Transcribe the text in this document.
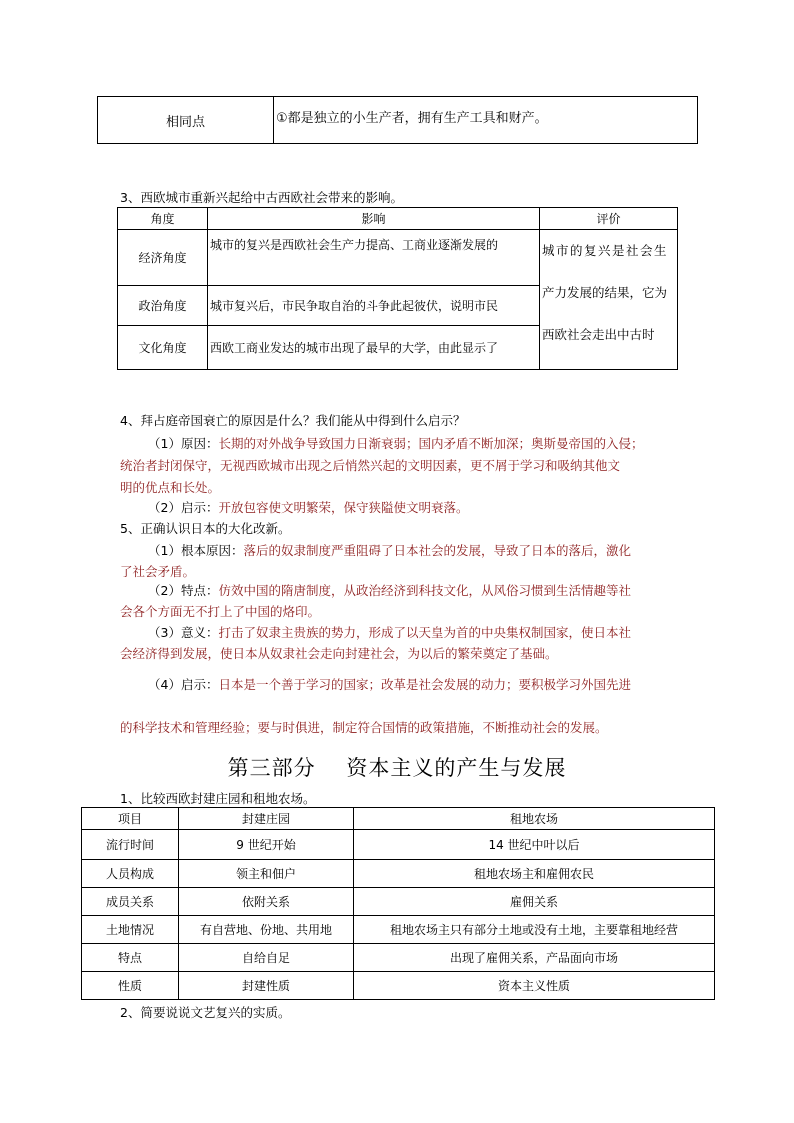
相同点	①都是独立的小生产者，拥有生产工具和财产。
3、西欧城市重新兴起给中古西欧社会带来的影响。
角度	影响	评价
经济角度	城市的复兴是西欧社会生产力提高、工商业逐渐发展的	城市的复兴是社会生
产力发展的结果，它为
西欧社会走出中古时

政治角度	城市复兴后，市民争取自治的斗争此起彼伏，说明市民	
文化角度	西欧工商业发达的城市出现了最早的大学，由此显示了	
4、拜占庭帝国衰亡的原因是什么？我们能从中得到什么启示？
（1）原因：长期的对外战争导致国力日渐衰弱；国内矛盾不断加深；奥斯曼帝国的入侵；
统治者封闭保守，无视西欧城市出现之后悄然兴起的文明因素，更不屑于学习和吸纳其他文
明的优点和长处。
（2）启示：开放包容使文明繁荣，保守狭隘使文明衰落。
5、正确认识日本的大化改新。
（1）根本原因：落后的奴隶制度严重阻碍了日本社会的发展，导致了日本的落后，激化
了社会矛盾。
（2）特点：仿效中国的隋唐制度，从政治经济到科技文化，从风俗习惯到生活情趣等社
会各个方面无不打上了中国的烙印。
（3）意义：打击了奴隶主贵族的势力，形成了以天皇为首的中央集权制国家，使日本社
会经济得到发展，使日本从奴隶社会走向封建社会，为以后的繁荣奠定了基础。
（4）启示：日本是一个善于学习的国家；改革是社会发展的动力；要积极学习外国先进
的科学技术和管理经验；要与时俱进，制定符合国情的政策措施，不断推动社会的发展。
第三部分    资本主义的产生与发展
1、比较西欧封建庄园和租地农场。
项目	封建庄园	租地农场
流行时间	9 世纪开始	14 世纪中叶以后
人员构成	领主和佃户	租地农场主和雇佣农民
成员关系	依附关系	雇佣关系
土地情况	有自营地、份地、共用地	租地农场主只有部分土地或没有土地，主要靠租地经营
特点	自给自足	出现了雇佣关系，产品面向市场
性质	封建性质	资本主义性质
2、简要说说文艺复兴的实质。
